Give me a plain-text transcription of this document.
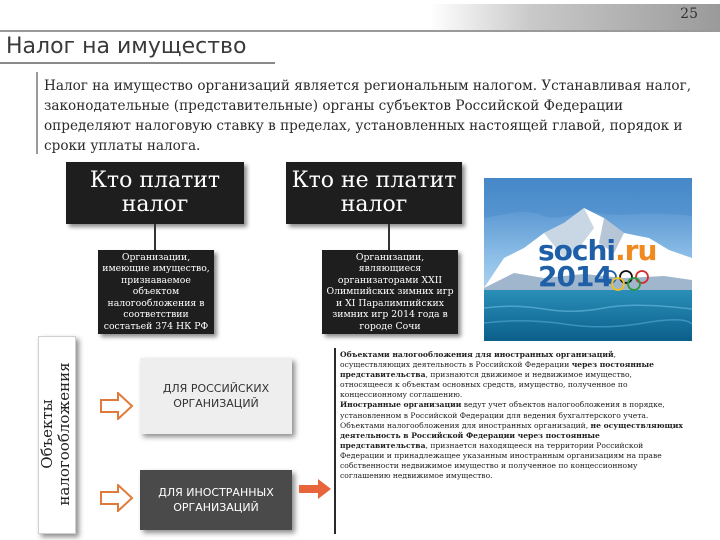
25
Налог на имущество
Налог на имущество организаций является региональным налогом. Устанавливая налог, законодательные (представительные) органы субъектов Российской Федерации определяют налоговую ставку в пределах, установленных настоящей главой, порядок и сроки уплаты налога.
Кто платит налог
Организации, имеющие имущество, признаваемое объектом налогообложения в соответствии состатьей 374 НК РФ
Кто не платит налог
Организации, являющиеся организаторами XXII Олимпийских зимних игр и XI Паралимпийских зимних игр 2014 года в городе Сочи
sochi.ru
2014
Объекты налогообложения	ДЛЯ РОССИЙСКИХ ОРГАНИЗАЦИЙ
ДЛЯ ИНОСТРАННЫХ ОРГАНИЗАЦИЙ
Объектами налогообложения для иностранных организаций, осуществляющих деятельность в Российской Федерации через постоянные представительства, признаются движимое и недвижимое имущество, относящееся к объектам основных средств, имущество, полученное по концессионному соглашению.
Иностранные организации ведут учет объектов налогообложения в порядке, установленном в Российской Федерации для ведения бухгалтерского учета.
Объектами налогообложения для иностранных организаций, не осуществляющих деятельность в Российской Федерации через постоянные представительства, признается находящееся на территории Российской Федерации и принадлежащее указанным иностранным организациям на праве собственности недвижимое имущество и полученное по концессионному соглашению недвижимое имущество.
